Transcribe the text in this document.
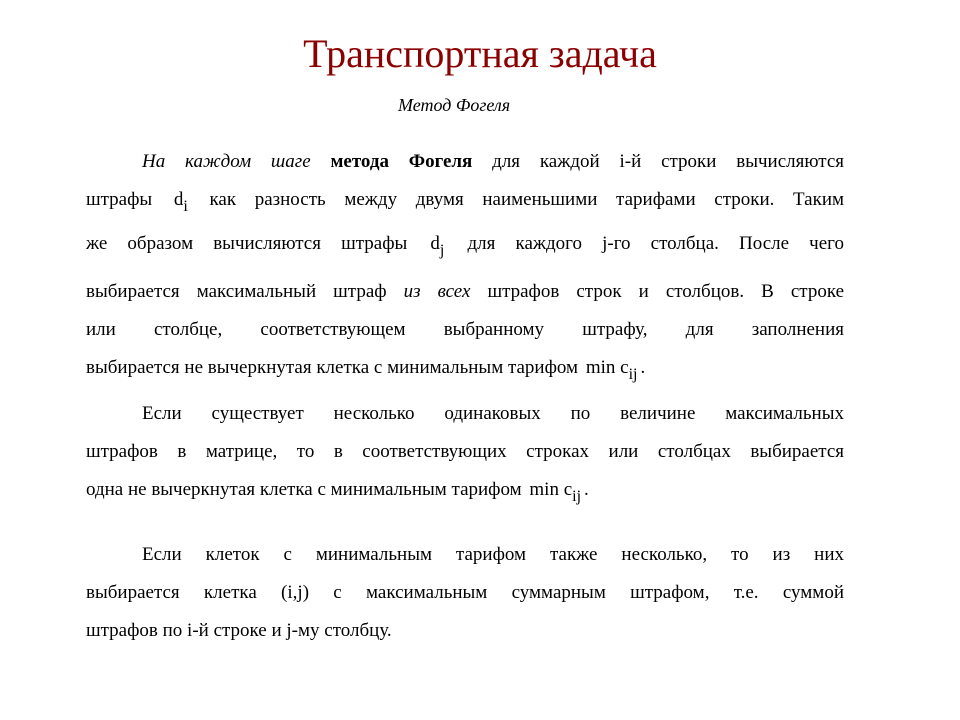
Транспортная задача
Метод Фогеля
На каждом шаге метода Фогеля для каждой i-й строки вычисляются
штрафы $d_i$ как разность между двумя наименьшими тарифами строки. Таким
же образом вычисляются штрафы $d_j$ для каждого j-го столбца. После чего
выбирается максимальный штраф из всех штрафов строк и столбцов. В строке
или столбце, соответствующем выбранному штрафу, для заполнения
выбирается не вычеркнутая клетка с минимальным тарифом $\min c_{ij}$ .
Если существует несколько одинаковых по величине максимальных
штрафов в матрице, то в соответствующих строках или столбцах выбирается
одна не вычеркнутая клетка с минимальным тарифом $\min c_{ij}$ .
Если клеток с минимальным тарифом также несколько, то из них
выбирается клетка (i,j) с максимальным суммарным штрафом, т.е. суммой
штрафов по i-й строке и j-му столбцу.
